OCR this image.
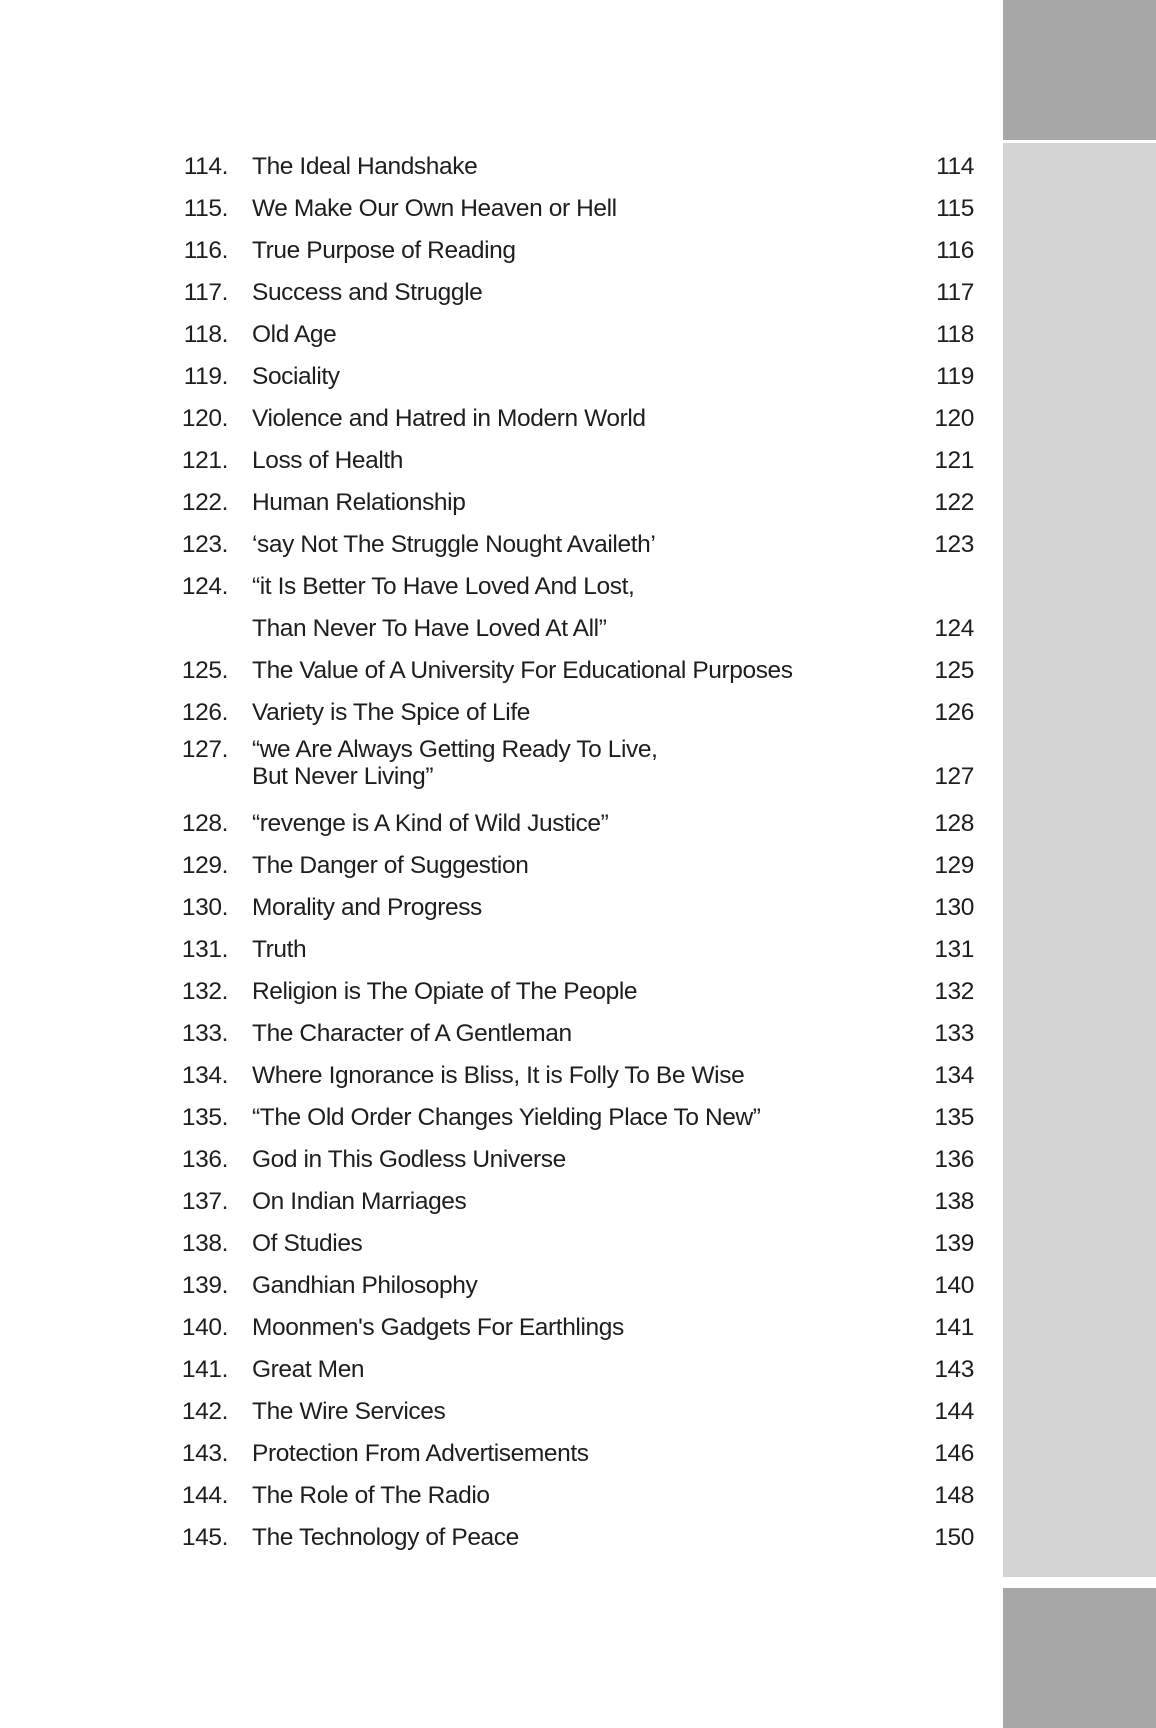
114. The Ideal Handshake	114
115. We Make Our Own Heaven or Hell	115
116. True Purpose of Reading	116
117. Success and Struggle	117
118. Old Age	118
119. Sociality	119
120. Violence and Hatred in Modern World	120
121. Loss of Health	121
122. Human Relationship	122
123. ‘say Not The Struggle Nought Availeth’	123
124. “it Is Better To Have Loved And Lost,
Than Never To Have Loved At All”	124
125. The Value of A University For Educational Purposes	125
126. Variety is The Spice of Life	126
127. “we Are Always Getting Ready To Live,
But Never Living”	127
128. “revenge is A Kind of Wild Justice”	128
129. The Danger of Suggestion	129
130. Morality and Progress	130
131. Truth	131
132. Religion is The Opiate of The People	132
133. The Character of A Gentleman	133
134. Where Ignorance is Bliss, It is Folly To Be Wise	134
135. “The Old Order Changes Yielding Place To New”	135
136. God in This Godless Universe	136
137. On Indian Marriages	138
138. Of Studies	139
139. Gandhian Philosophy	140
140. Moonmen's Gadgets For Earthlings	141
141. Great Men	143
142. The Wire Services	144
143. Protection From Advertisements	146
144. The Role of The Radio	148
145. The Technology of Peace	150
